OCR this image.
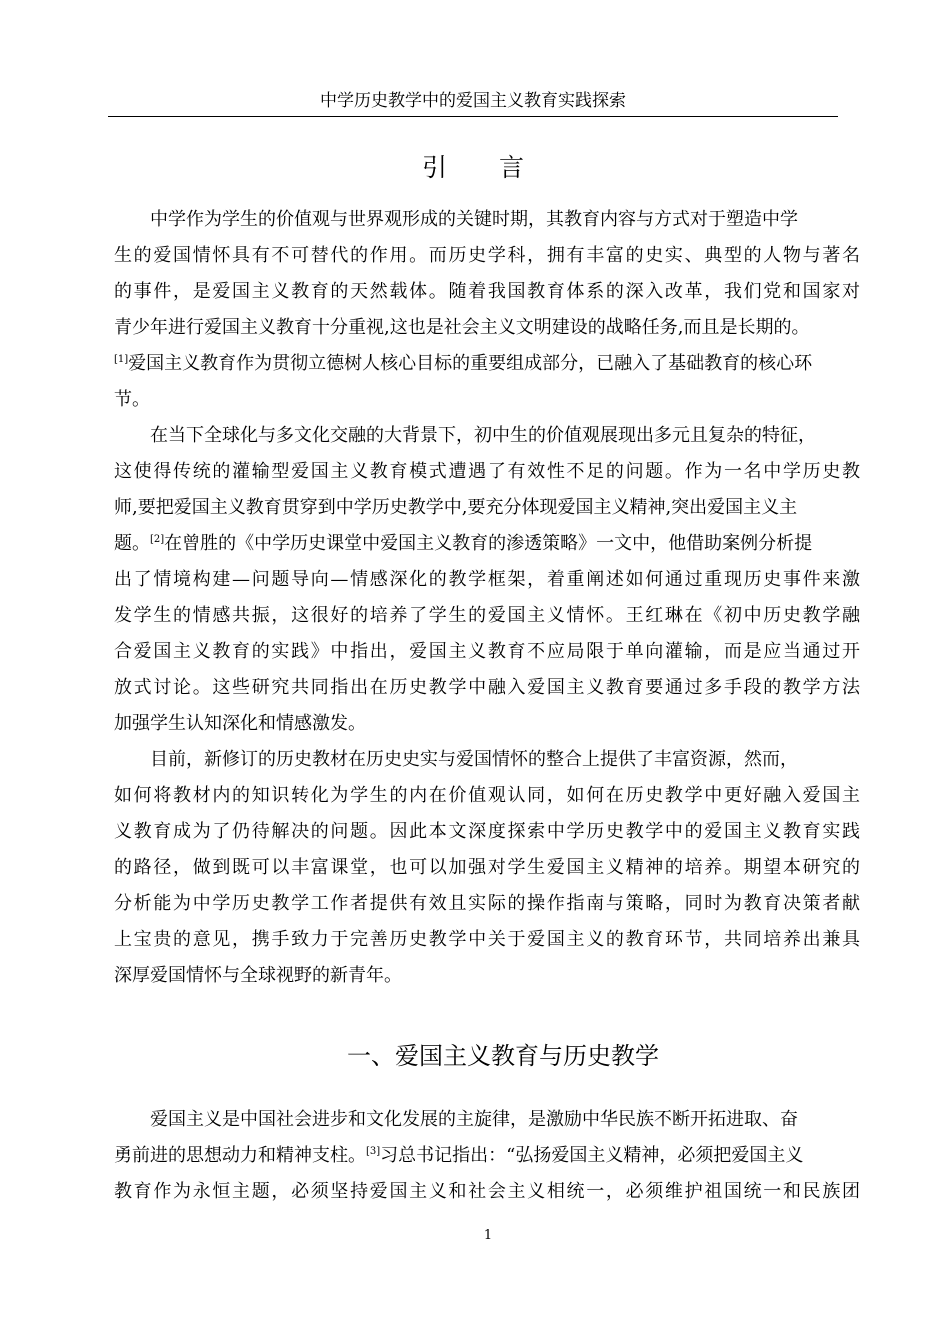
中学历史教学中的爱国主义教育实践探索
引言
中学作为学生的价值观与世界观形成的关键时期，其教育内容与方式对于塑造中学
生的爱国情怀具有不可替代的作用。而历史学科，拥有丰富的史实、典型的人物与著名
的事件，是爱国主义教育的天然载体。随着我国教育体系的深入改革，我们党和国家对
青少年进行爱国主义教育十分重视,这也是社会主义文明建设的战略任务,而且是长期的。
[1]爱国主义教育作为贯彻立德树人核心目标的重要组成部分，已融入了基础教育的核心环
节。
在当下全球化与多文化交融的大背景下，初中生的价值观展现出多元且复杂的特征，
这使得传统的灌输型爱国主义教育模式遭遇了有效性不足的问题。作为一名中学历史教
师,要把爱国主义教育贯穿到中学历史教学中,要充分体现爱国主义精神,突出爱国主义主
题。[2]在曾胜的《中学历史课堂中爱国主义教育的渗透策略》一文中，他借助案例分析提
出了情境构建—问题导向—情感深化的教学框架，着重阐述如何通过重现历史事件来激
发学生的情感共振，这很好的培养了学生的爱国主义情怀。王红琳在《初中历史教学融
合爱国主义教育的实践》中指出，爱国主义教育不应局限于单向灌输，而是应当通过开
放式讨论。这些研究共同指出在历史教学中融入爱国主义教育要通过多手段的教学方法
加强学生认知深化和情感激发。
目前，新修订的历史教材在历史史实与爱国情怀的整合上提供了丰富资源，然而，
如何将教材内的知识转化为学生的内在价值观认同，如何在历史教学中更好融入爱国主
义教育成为了仍待解决的问题。因此本文深度探索中学历史教学中的爱国主义教育实践
的路径，做到既可以丰富课堂，也可以加强对学生爱国主义精神的培养。期望本研究的
分析能为中学历史教学工作者提供有效且实际的操作指南与策略，同时为教育决策者献
上宝贵的意见，携手致力于完善历史教学中关于爱国主义的教育环节，共同培养出兼具
深厚爱国情怀与全球视野的新青年。
一、爱国主义教育与历史教学
爱国主义是中国社会进步和文化发展的主旋律，是激励中华民族不断开拓进取、奋
勇前进的思想动力和精神支柱。[3]习总书记指出：“弘扬爱国主义精神，必须把爱国主义
教育作为永恒主题，必须坚持爱国主义和社会主义相统一，必须维护祖国统一和民族团
1
